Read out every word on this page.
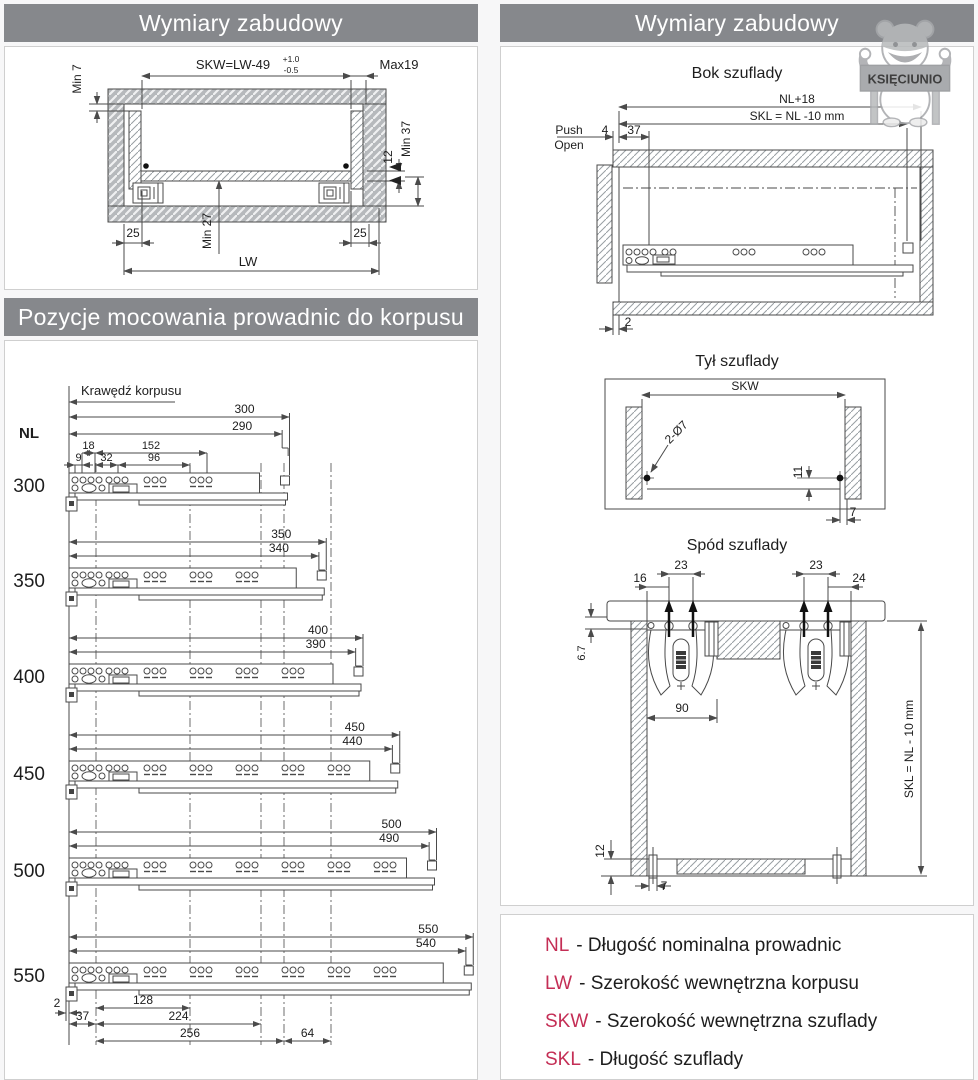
Wymiary zabudowy
SKW=LW-49 +1.0
-0.5	Max19
Min 7
12 Min 37
Min 27
25	25
LW
Pozycje mocowania prowadnic do korpusu
Krawędź korpusu
NL
300
290
300
350
340
350
400
390
400
450
440
450
500
490
500
550
540
550
18	152
9 32	96
2	128
37	224
256	64
Wymiary zabudowy
Bok szuflady
NL+18
SKL = NL -10 mm
Push 4
Open
37
2
Tył szuflady
SKW
2-Ø7
11
7
Spód szuflady
23	23
16	24
6.7
90	SKL = NL - 10 mm
12
7
NL - Długość nominalna prowadnic
LW - Szerokość wewnętrzna korpusu
SKW - Szerokość wewnętrzna szuflady
SKL - Długość szuflady
KSIĘCIUNIO
